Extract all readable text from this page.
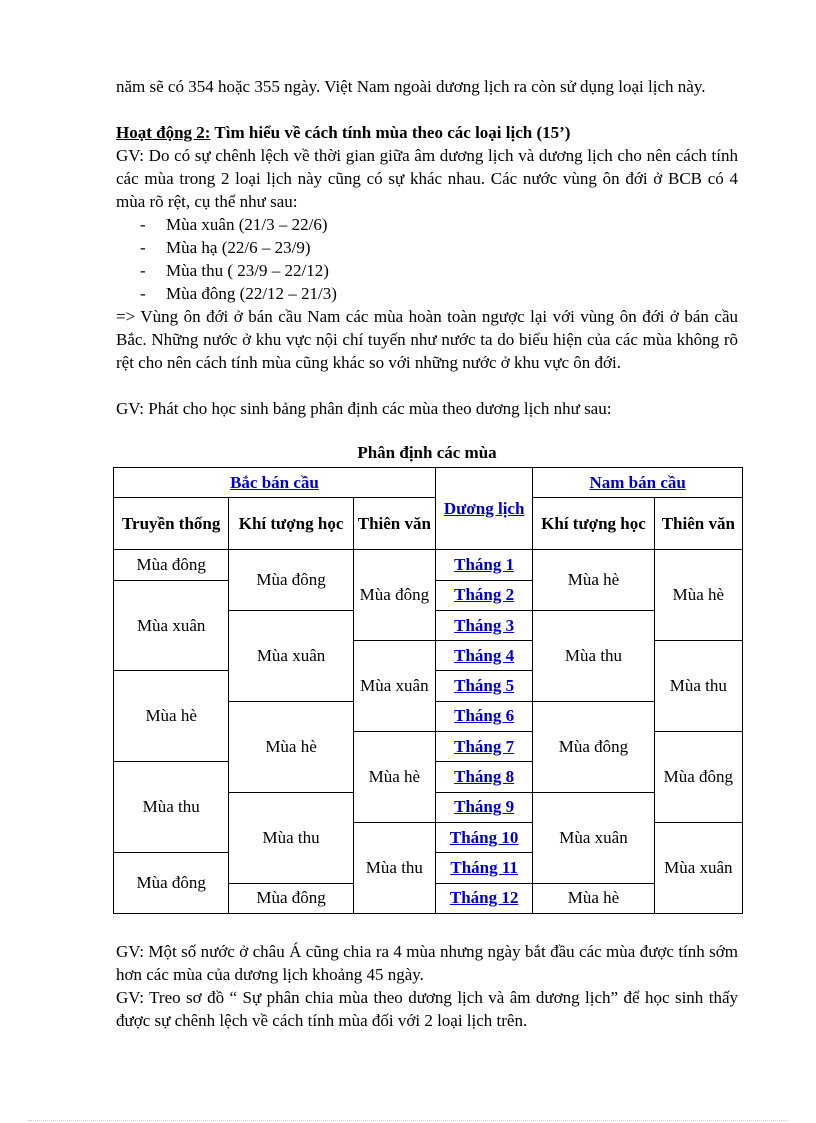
năm sẽ có 354 hoặc 355 ngày. Việt Nam ngoài dương lịch ra còn sử dụng loại lịch này.

Hoạt động 2: Tìm hiểu về cách tính mùa theo các loại lịch (15’)

GV: Do có sự chênh lệch về thời gian giữa âm dương lịch và dương lịch cho nên cách tính các mùa trong 2 loại lịch này cũng có sự khác nhau. Các nước vùng ôn đới ở BCB có 4 mùa rõ rệt, cụ thể như sau:

- Mùa xuân (21/3 – 22/6)
- Mùa hạ (22/6 – 23/9)
- Mùa thu ( 23/9 – 22/12)
- Mùa đông (22/12 – 21/3)

=> Vùng ôn đới ở bán cầu Nam các mùa hoàn toàn ngược lại với vùng ôn đới ở bán cầu Bắc. Những nước ở khu vực nội chí tuyến như nước ta do biểu hiện của các mùa không rõ rệt cho nên cách tính mùa cũng khác so với những nước ở khu vực ôn đới.

GV: Phát cho học sinh bảng phân định các mùa theo dương lịch như sau:

Phân định các mùa
Bắc bán cầu			Dương lịch	Nam bán cầu	
Truyền thống	Khí tượng học	Thiên văn		Khí tượng học	Thiên văn
Mùa đông	Mùa đông	Mùa đông	Tháng 1	Mùa hè	Mùa hè
Mùa xuân			Tháng 2		
	Mùa xuân		Tháng 3	Mùa thu	
		Mùa xuân	Tháng 4		Mùa thu
Mùa hè			Tháng 5		
	Mùa hè		Tháng 6	Mùa đông	
		Mùa hè	Tháng 7		Mùa đông
Mùa thu			Tháng 8		
	Mùa thu		Tháng 9	Mùa xuân	
		Mùa thu	Tháng 10		Mùa xuân
Mùa đông			Tháng 11		
	Mùa đông		Tháng 12	Mùa hè	

GV: Một số nước ở châu Á cũng chia ra 4 mùa nhưng ngày bắt đầu các mùa được tính sớm hơn các mùa của dương lịch khoảng 45 ngày.

GV: Treo sơ đồ “ Sự phân chia mùa theo dương lịch và âm dương lịch” để học sinh thấy được sự chênh lệch về cách tính mùa đối với 2 loại lịch trên.
